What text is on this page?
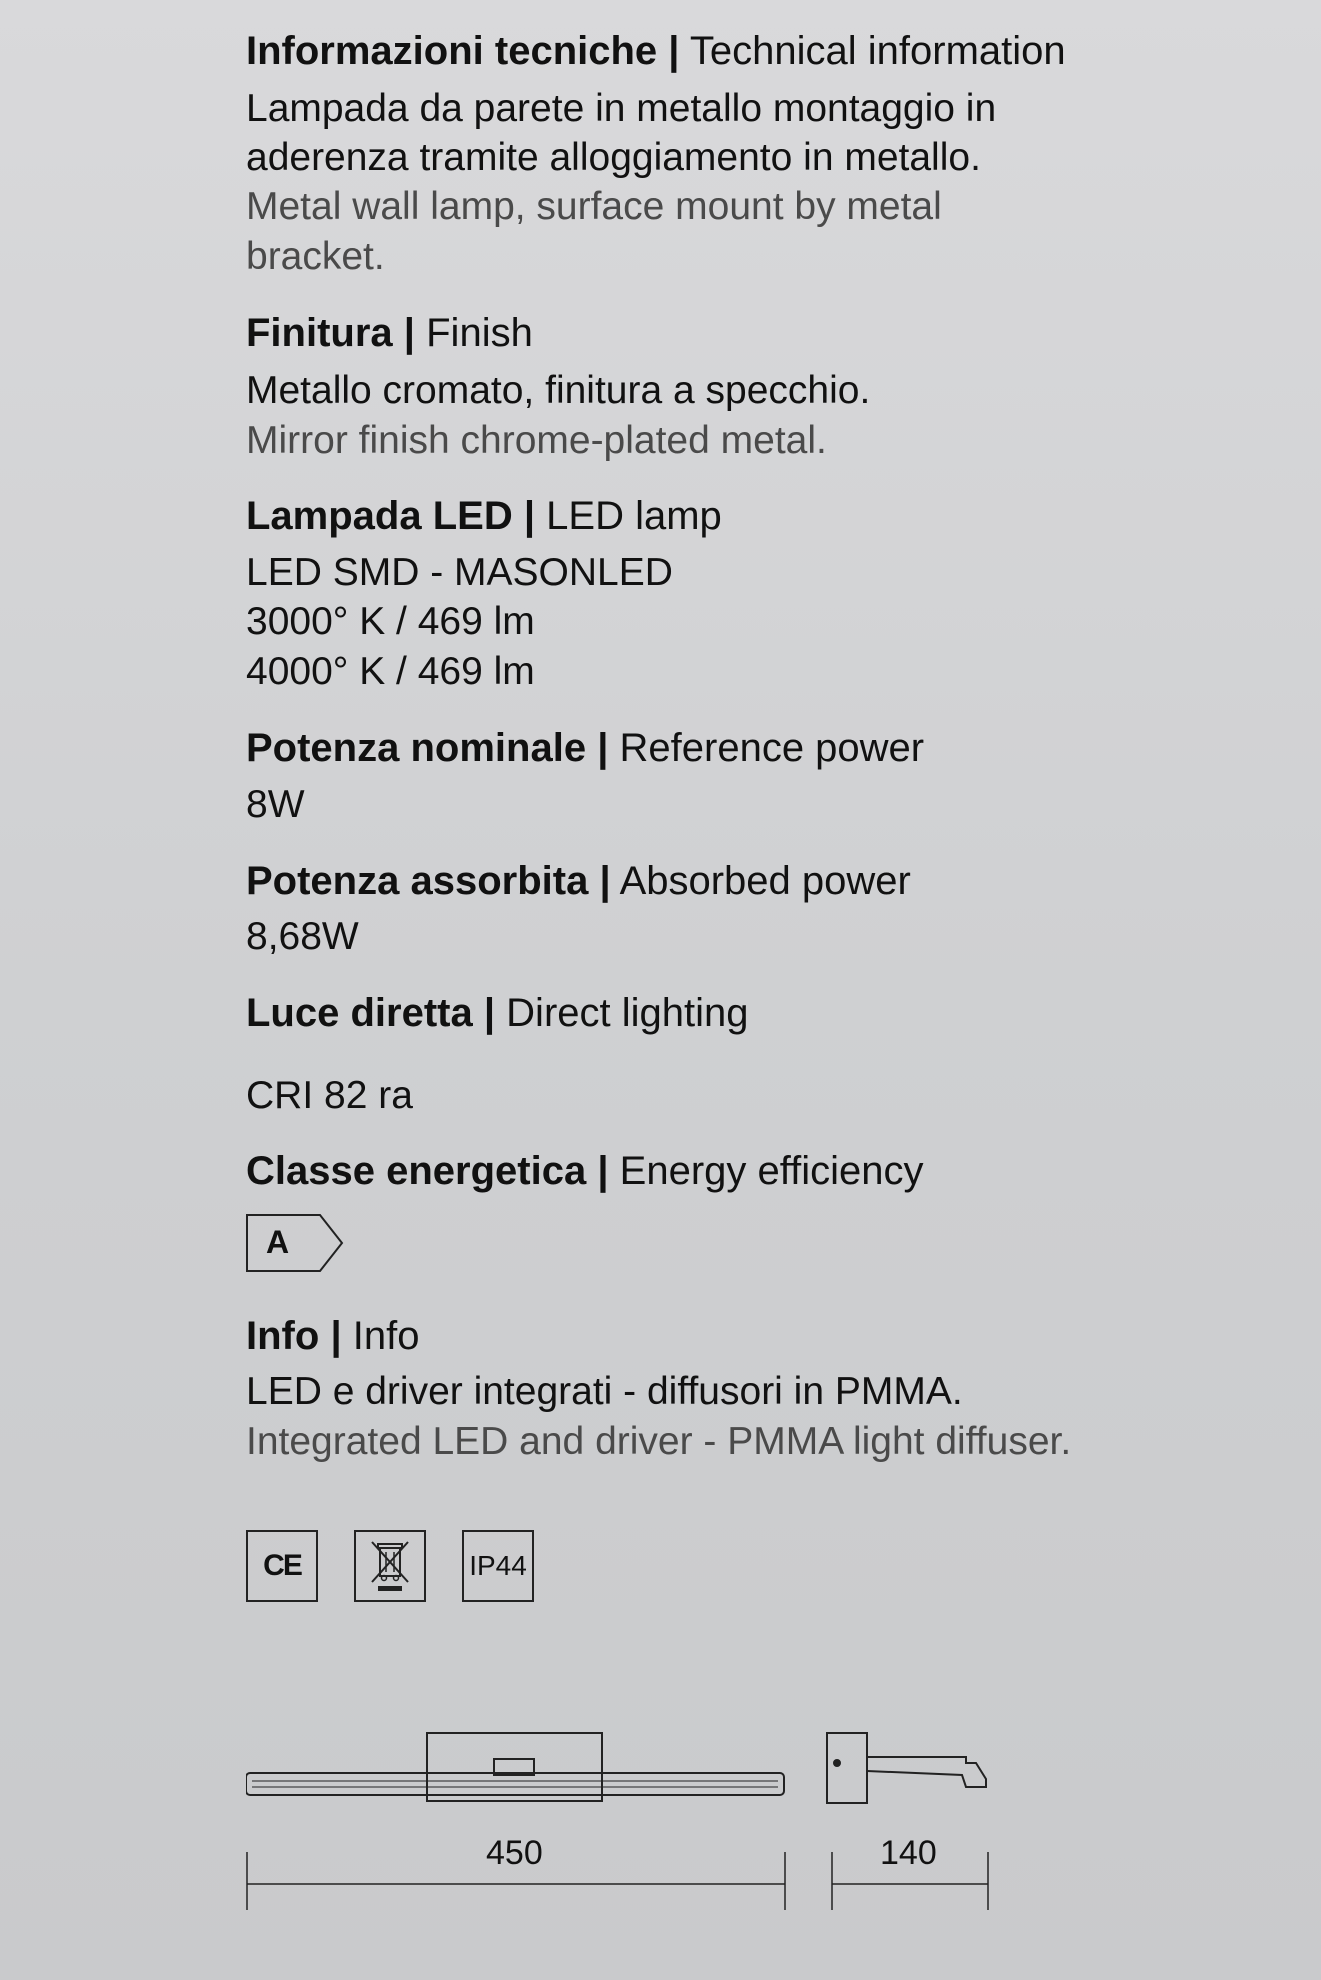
Informazioni tecniche | Technical information
Lampada da parete in metallo montaggio in
aderenza tramite alloggiamento in metallo.
Metal wall lamp, surface mount by metal
bracket.
Finitura | Finish
Metallo cromato, finitura a specchio.
Mirror finish chrome-plated metal.
Lampada LED | LED lamp
LED SMD - MASONLED
3000° K / 469 lm
4000° K / 469 lm
Potenza nominale | Reference power
8W
Potenza assorbita | Absorbed power
8,68W
Luce diretta | Direct lighting
CRI 82 ra
Classe energetica | Energy efficiency
A
Info | Info
LED e driver integrati - diffusori in PMMA.
Integrated LED and driver - PMMA light diffuser.
CE	IP44
450	140
